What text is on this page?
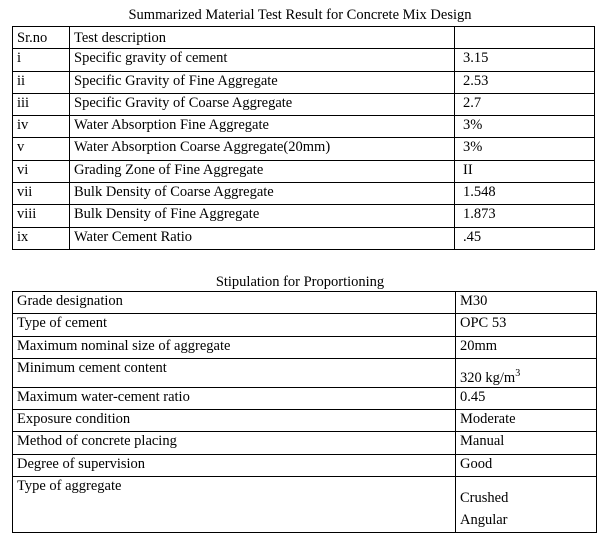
Summarized Material Test Result for Concrete Mix Design
Sr.no	Test description	
i	Specific gravity of cement	3.15
ii	Specific Gravity of Fine Aggregate	2.53
iii	Specific Gravity of Coarse Aggregate	2.7
iv	Water Absorption Fine Aggregate	3%
v	Water Absorption Coarse Aggregate(20mm)	3%
vi	Grading Zone of Fine Aggregate	II
vii	Bulk Density of Coarse Aggregate	1.548
viii	Bulk Density of Fine Aggregate	1.873
ix	Water Cement Ratio	.45
Stipulation for Proportioning
Grade designation	M30
Type of cement	OPC 53
Maximum nominal size of aggregate	20mm
Minimum cement content	320 $kg/m^3$
Maximum water-cement ratio	0.45
Exposure condition	Moderate
Method of concrete placing	Manual
Degree of supervision	Good
Type of aggregate	Crushed
Angular
